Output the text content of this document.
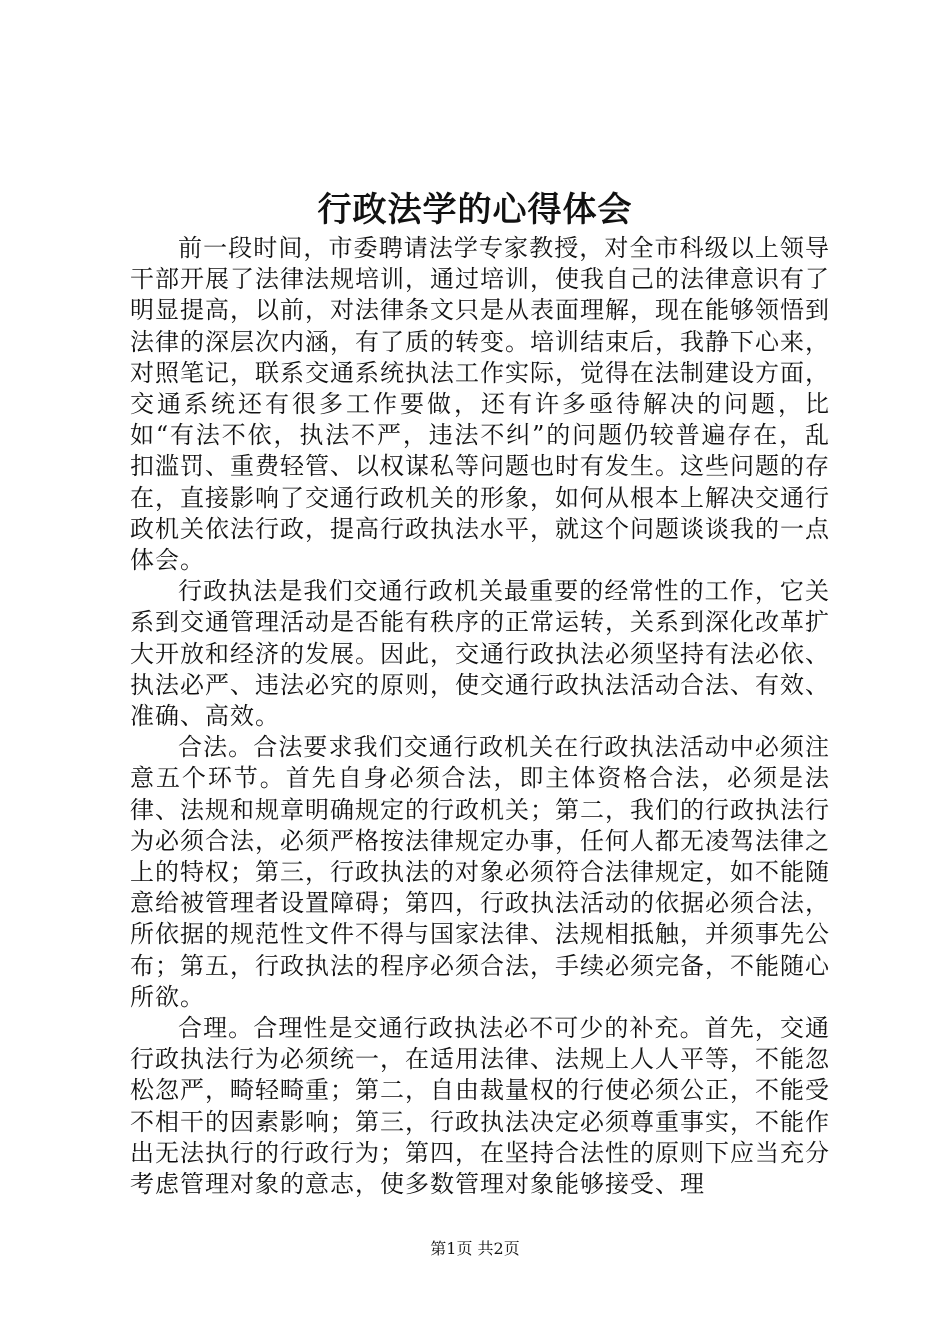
行政法学的心得体会

前一段时间，市委聘请法学专家教授，对全市科级以上领导干部开展了法律法规培训，通过培训，使我自己的法律意识有了明显提高，以前，对法律条文只是从表面理解，现在能够领悟到法律的深层次内涵，有了质的转变。培训结束后，我静下心来，对照笔记，联系交通系统执法工作实际，觉得在法制建设方面，交通系统还有很多工作要做，还有许多亟待解决的问题，比如“有法不依，执法不严，违法不纠”的问题仍较普遍存在，乱扣滥罚、重费轻管、以权谋私等问题也时有发生。这些问题的存在，直接影响了交通行政机关的形象，如何从根本上解决交通行政机关依法行政，提高行政执法水平，就这个问题谈谈我的一点体会。

行政执法是我们交通行政机关最重要的经常性的工作，它关系到交通管理活动是否能有秩序的正常运转，关系到深化改革扩大开放和经济的发展。因此，交通行政执法必须坚持有法必依、执法必严、违法必究的原则，使交通行政执法活动合法、有效、准确、高效。

合法。合法要求我们交通行政机关在行政执法活动中必须注意五个环节。首先自身必须合法，即主体资格合法，必须是法律、法规和规章明确规定的行政机关；第二，我们的行政执法行为必须合法，必须严格按法律规定办事，任何人都无凌驾法律之上的特权；第三，行政执法的对象必须符合法律规定，如不能随意给被管理者设置障碍；第四，行政执法活动的依据必须合法，所依据的规范性文件不得与国家法律、法规相抵触，并须事先公布；第五，行政执法的程序必须合法，手续必须完备，不能随心所欲。

合理。合理性是交通行政执法必不可少的补充。首先，交通行政执法行为必须统一，在适用法律、法规上人人平等，不能忽松忽严，畸轻畸重；第二，自由裁量权的行使必须公正，不能受不相干的因素影响；第三，行政执法决定必须尊重事实，不能作出无法执行的行政行为；第四，在坚持合法性的原则下应当充分考虑管理对象的意志，使多数管理对象能够接受、理

第1页 共2页
